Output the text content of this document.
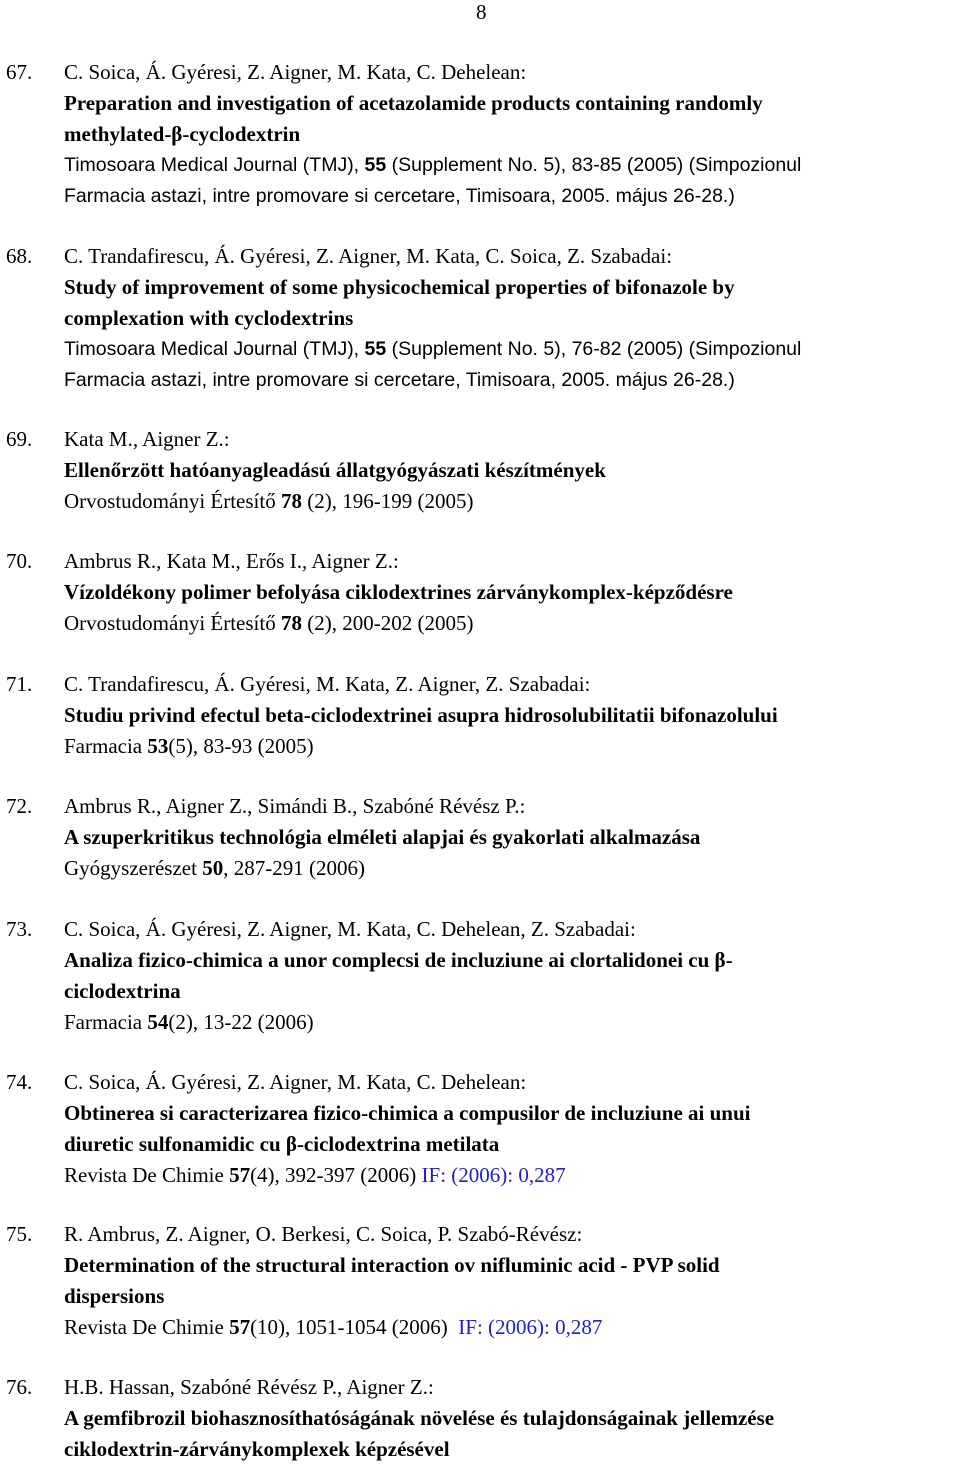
8
67. C. Soica, Á. Gyéresi, Z. Aigner, M. Kata, C. Dehelean:
Preparation and investigation of acetazolamide products containing randomly
methylated-β-cyclodextrin
Timosoara Medical Journal (TMJ), 55 (Supplement No. 5), 83-85 (2005) (Simpozionul
Farmacia astazi, intre promovare si cercetare, Timisoara, 2005. május 26-28.)
68. C. Trandafirescu, Á. Gyéresi, Z. Aigner, M. Kata, C. Soica, Z. Szabadai:
Study of improvement of some physicochemical properties of bifonazole by
complexation with cyclodextrins
Timosoara Medical Journal (TMJ), 55 (Supplement No. 5), 76-82 (2005) (Simpozionul
Farmacia astazi, intre promovare si cercetare, Timisoara, 2005. május 26-28.)
69. Kata M., Aigner Z.:
Ellenőrzött hatóanyagleadású állatgyógyászati készítmények
Orvostudományi Értesítő 78 (2), 196-199 (2005)
70. Ambrus R., Kata M., Erős I., Aigner Z.:
Vízoldékony polimer befolyása ciklodextrines zárványkomplex-képződésre
Orvostudományi Értesítő 78 (2), 200-202 (2005)
71. C. Trandafirescu, Á. Gyéresi, M. Kata, Z. Aigner, Z. Szabadai:
Studiu privind efectul beta-ciclodextrinei asupra hidrosolubilitatii bifonazolului
Farmacia 53(5), 83-93 (2005)
72. Ambrus R., Aigner Z., Simándi B., Szabóné Révész P.:
A szuperkritikus technológia elméleti alapjai és gyakorlati alkalmazása
Gyógyszerészet 50, 287-291 (2006)
73. C. Soica, Á. Gyéresi, Z. Aigner, M. Kata, C. Dehelean, Z. Szabadai:
Analiza fizico-chimica a unor complecsi de incluziune ai clortalidonei cu β-
ciclodextrina
Farmacia 54(2), 13-22 (2006)
74. C. Soica, Á. Gyéresi, Z. Aigner, M. Kata, C. Dehelean:
Obtinerea si caracterizarea fizico-chimica a compusilor de incluziune ai unui
diuretic sulfonamidic cu β-ciclodextrina metilata
Revista De Chimie 57(4), 392-397 (2006) IF: (2006): 0,287
75. R. Ambrus, Z. Aigner, O. Berkesi, C. Soica, P. Szabó-Révész:
Determination of the structural interaction ov nifluminic acid - PVP solid
dispersions
Revista De Chimie 57(10), 1051-1054 (2006)  IF: (2006): 0,287
76. H.B. Hassan, Szabóné Révész P., Aigner Z.:
A gemfibrozil biohasznosíthatóságának növelése és tulajdonságainak jellemzése
ciklodextrin-zárványkomplexek képzésével
